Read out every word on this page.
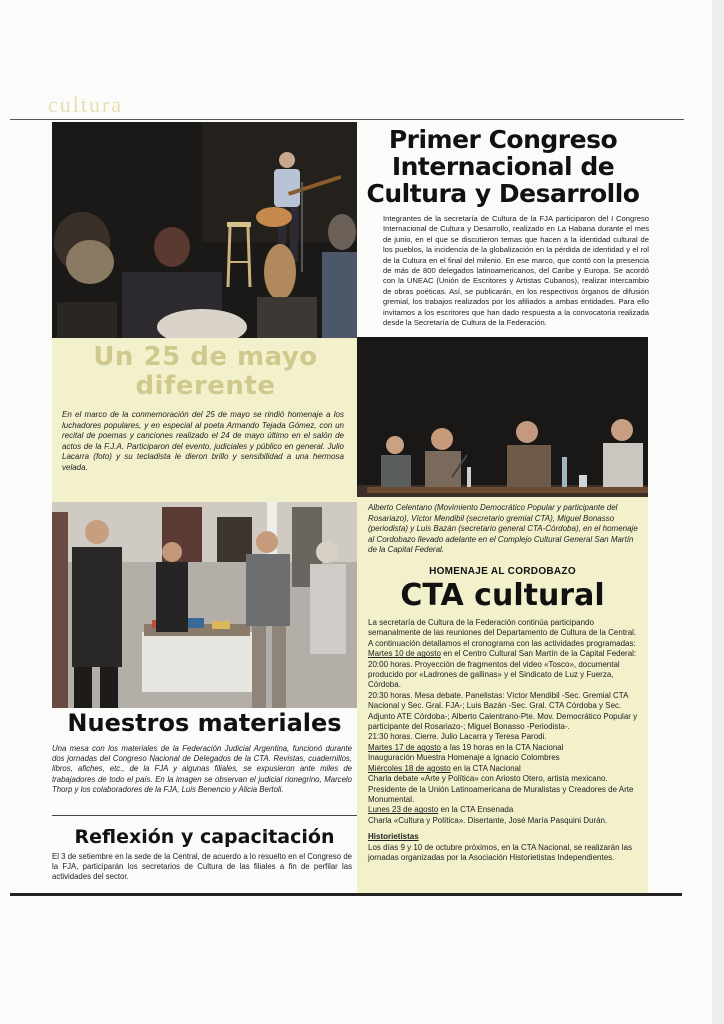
cultura
Primer Congreso Internacional de Cultura y Desarrollo
Integrantes de la secretaría de Cultura de la FJA participaron del I Congreso Internacional de Cultura y Desarrollo, realizado en La Habana durante el mes de junio, en el que se discutieron temas que hacen a la identidad cultural de los pueblos, la incidencia de la globalización en la pérdida de identidad y el rol de la Cultura en el final del milenio. En ese marco, que contó con la presencia de más de 800 delegados latinoamericanos, del Caribe y Europa. Se acordó con la UNEAC (Unión de Escritores y Artistas Cubanos), realizar intercambio de obras poéticas. Así, se publicarán, en los respectivos órganos de difusión gremial, los trabajos realizados por los afiliados a ambas entidades. Para ello invitamos a los escritores que han dado respuesta a la convocatoria realizada desde la Secretaría de Cultura de la Federación.
Un 25 de mayo diferente
En el marco de la conmemoración del 25 de mayo se rindió homenaje a los luchadores populares, y en especial al poeta Armando Tejada Gómez, con un recital de poemas y canciones realizado el 24 de mayo último en el salón de actos de la F.J.A. Participaron del evento, judiciales y público en general. Julio Lacarra (foto) y su tecladista le dieron brillo y sensibilidad a una hermosa velada.
Alberto Celentano (Movimiento Democrático Popular y participante del Rosariazo), Víctor Mendibil (secretario gremial CTA), Miguel Bonasso (periodista) y Luis Bazán (secretario general CTA-Córdoba), en el homenaje al Cordobazo llevado adelante en el Complejo Cultural General San Martín de la Capital Federal.
HOMENAJE AL CORDOBAZO
CTA cultural
La secretaría de Cultura de la Federación continúa participando semanalmente de las reuniones del Departamento de Cultura de la Central. A continuación detallamos el cronograma con las actividades programadas:
Martes 10 de agosto en el Centro Cultural San Martín de la Capital Federal:
20:00 horas. Proyección de fragmentos del video «Tosco», documental producido por «Ladrones de gallinas» y el Sindicato de Luz y Fuerza, Córdoba.
20:30 horas. Mesa debate. Panelistas: Víctor Mendibil -Sec. Gremial CTA Nacional y Sec. Gral. FJA-; Luis Bazán -Sec. Gral. CTA Córdoba y Sec. Adjunto ATE Córdoba-; Alberto Calentrano-Pte. Mov. Democrático Popular y participante del Rosariazo-; Miguel Bonasso -Periodista-.
21:30 horas. Cierre. Julio Lacarra y Teresa Parodi.
Martes 17 de agosto a las 19 horas en la CTA Nacional
Inauguración Muestra Homenaje a Ignacio Colombres
Miércoles 18 de agosto en la CTA Nacional
Charla debate «Arte y Política» con Ariosto Otero, artista mexicano. Presidente de la Unión Latinoamericana de Muralistas y Creadores de Arte Monumental.
Lunes 23 de agosto en la CTA Ensenada
Charla «Cultura y Política». Disertante, José María Pasquini Durán.
Historietistas
Los días 9 y 10 de octubre próximos, en la CTA Nacional, se realizarán las jornadas organizadas por la Asociación Historietistas Independientes.
Nuestros materiales
Una mesa con los materiales de la Federación Judicial Argentina, funcionó durante dos jornadas del Congreso Nacional de Delegados de la CTA. Revistas, cuadernillos, libros, afiches, etc., de la FJA y algunas filiales, se expusieron ante miles de trabajadores de todo el país. En la imagen se observan el judicial rionegrino, Marcelo Thorp y los colaboradores de la FJA, Luis Benencio y Alicia Bertoli.
Reflexión y capacitación
El 3 de setiembre en la sede de la Central, de acuerdo a lo resuelto en el Congreso de la FJA, participarán los secretarios de Cultura de las filiales a fin de perfilar las actividades del sector.
